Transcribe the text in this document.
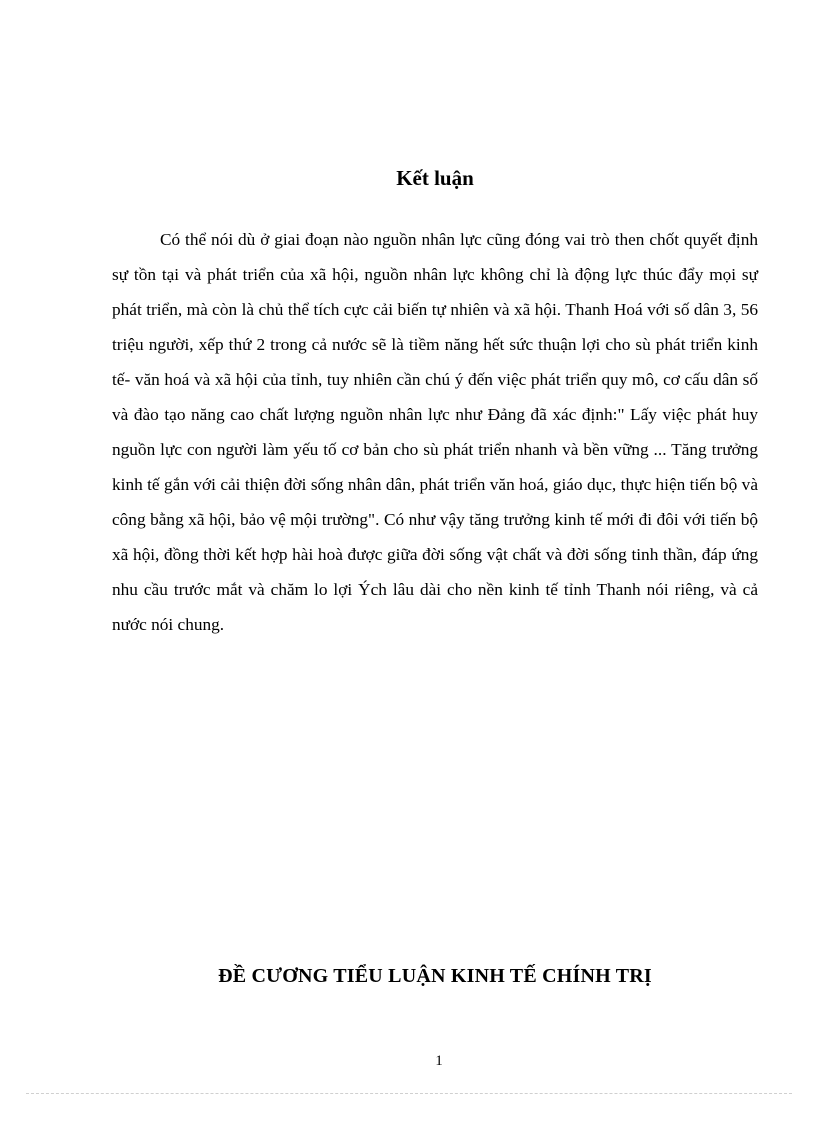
Kết luận

Có thể nói dù ở giai đoạn nào nguồn nhân lực cũng đóng vai trò then chốt quyết định sự tồn tại và phát triển của xã hội, nguồn nhân lực không chỉ là động lực thúc đẩy mọi sự phát triển, mà còn là chủ thể tích cực cải biến tự nhiên và xã hội. Thanh Hoá với số dân 3, 56 triệu người, xếp thứ 2 trong cả nước sẽ là tiềm năng hết sức thuận lợi cho sù phát triển kinh tế- văn hoá và xã hội của tỉnh, tuy nhiên cần chú ý đến việc phát triển quy mô, cơ cấu dân số và đào tạo năng cao chất lượng nguồn nhân lực như Đảng đã xác định:" Lấy việc phát huy nguồn lực con người làm yếu tố cơ bản cho sù phát triển nhanh và bền vững ... Tăng trưởng kinh tế gắn với cải thiện đời sống nhân dân, phát triển văn hoá, giáo dục, thực hiện tiến bộ và công bằng xã hội, bảo vệ mội trường". Có như vậy tăng trưởng kinh tế mới đi đôi với tiến bộ xã hội, đồng thời kết hợp hài hoà được giữa đời sống vật chất và đời sống tinh thần, đáp ứng nhu cầu trước mắt và chăm lo lợi Ých lâu dài cho nền kinh tế tỉnh Thanh nói riêng, và cả nước nói chung.

ĐỀ CƯƠNG TIỂU LUẬN KINH TẾ CHÍNH TRỊ
1
